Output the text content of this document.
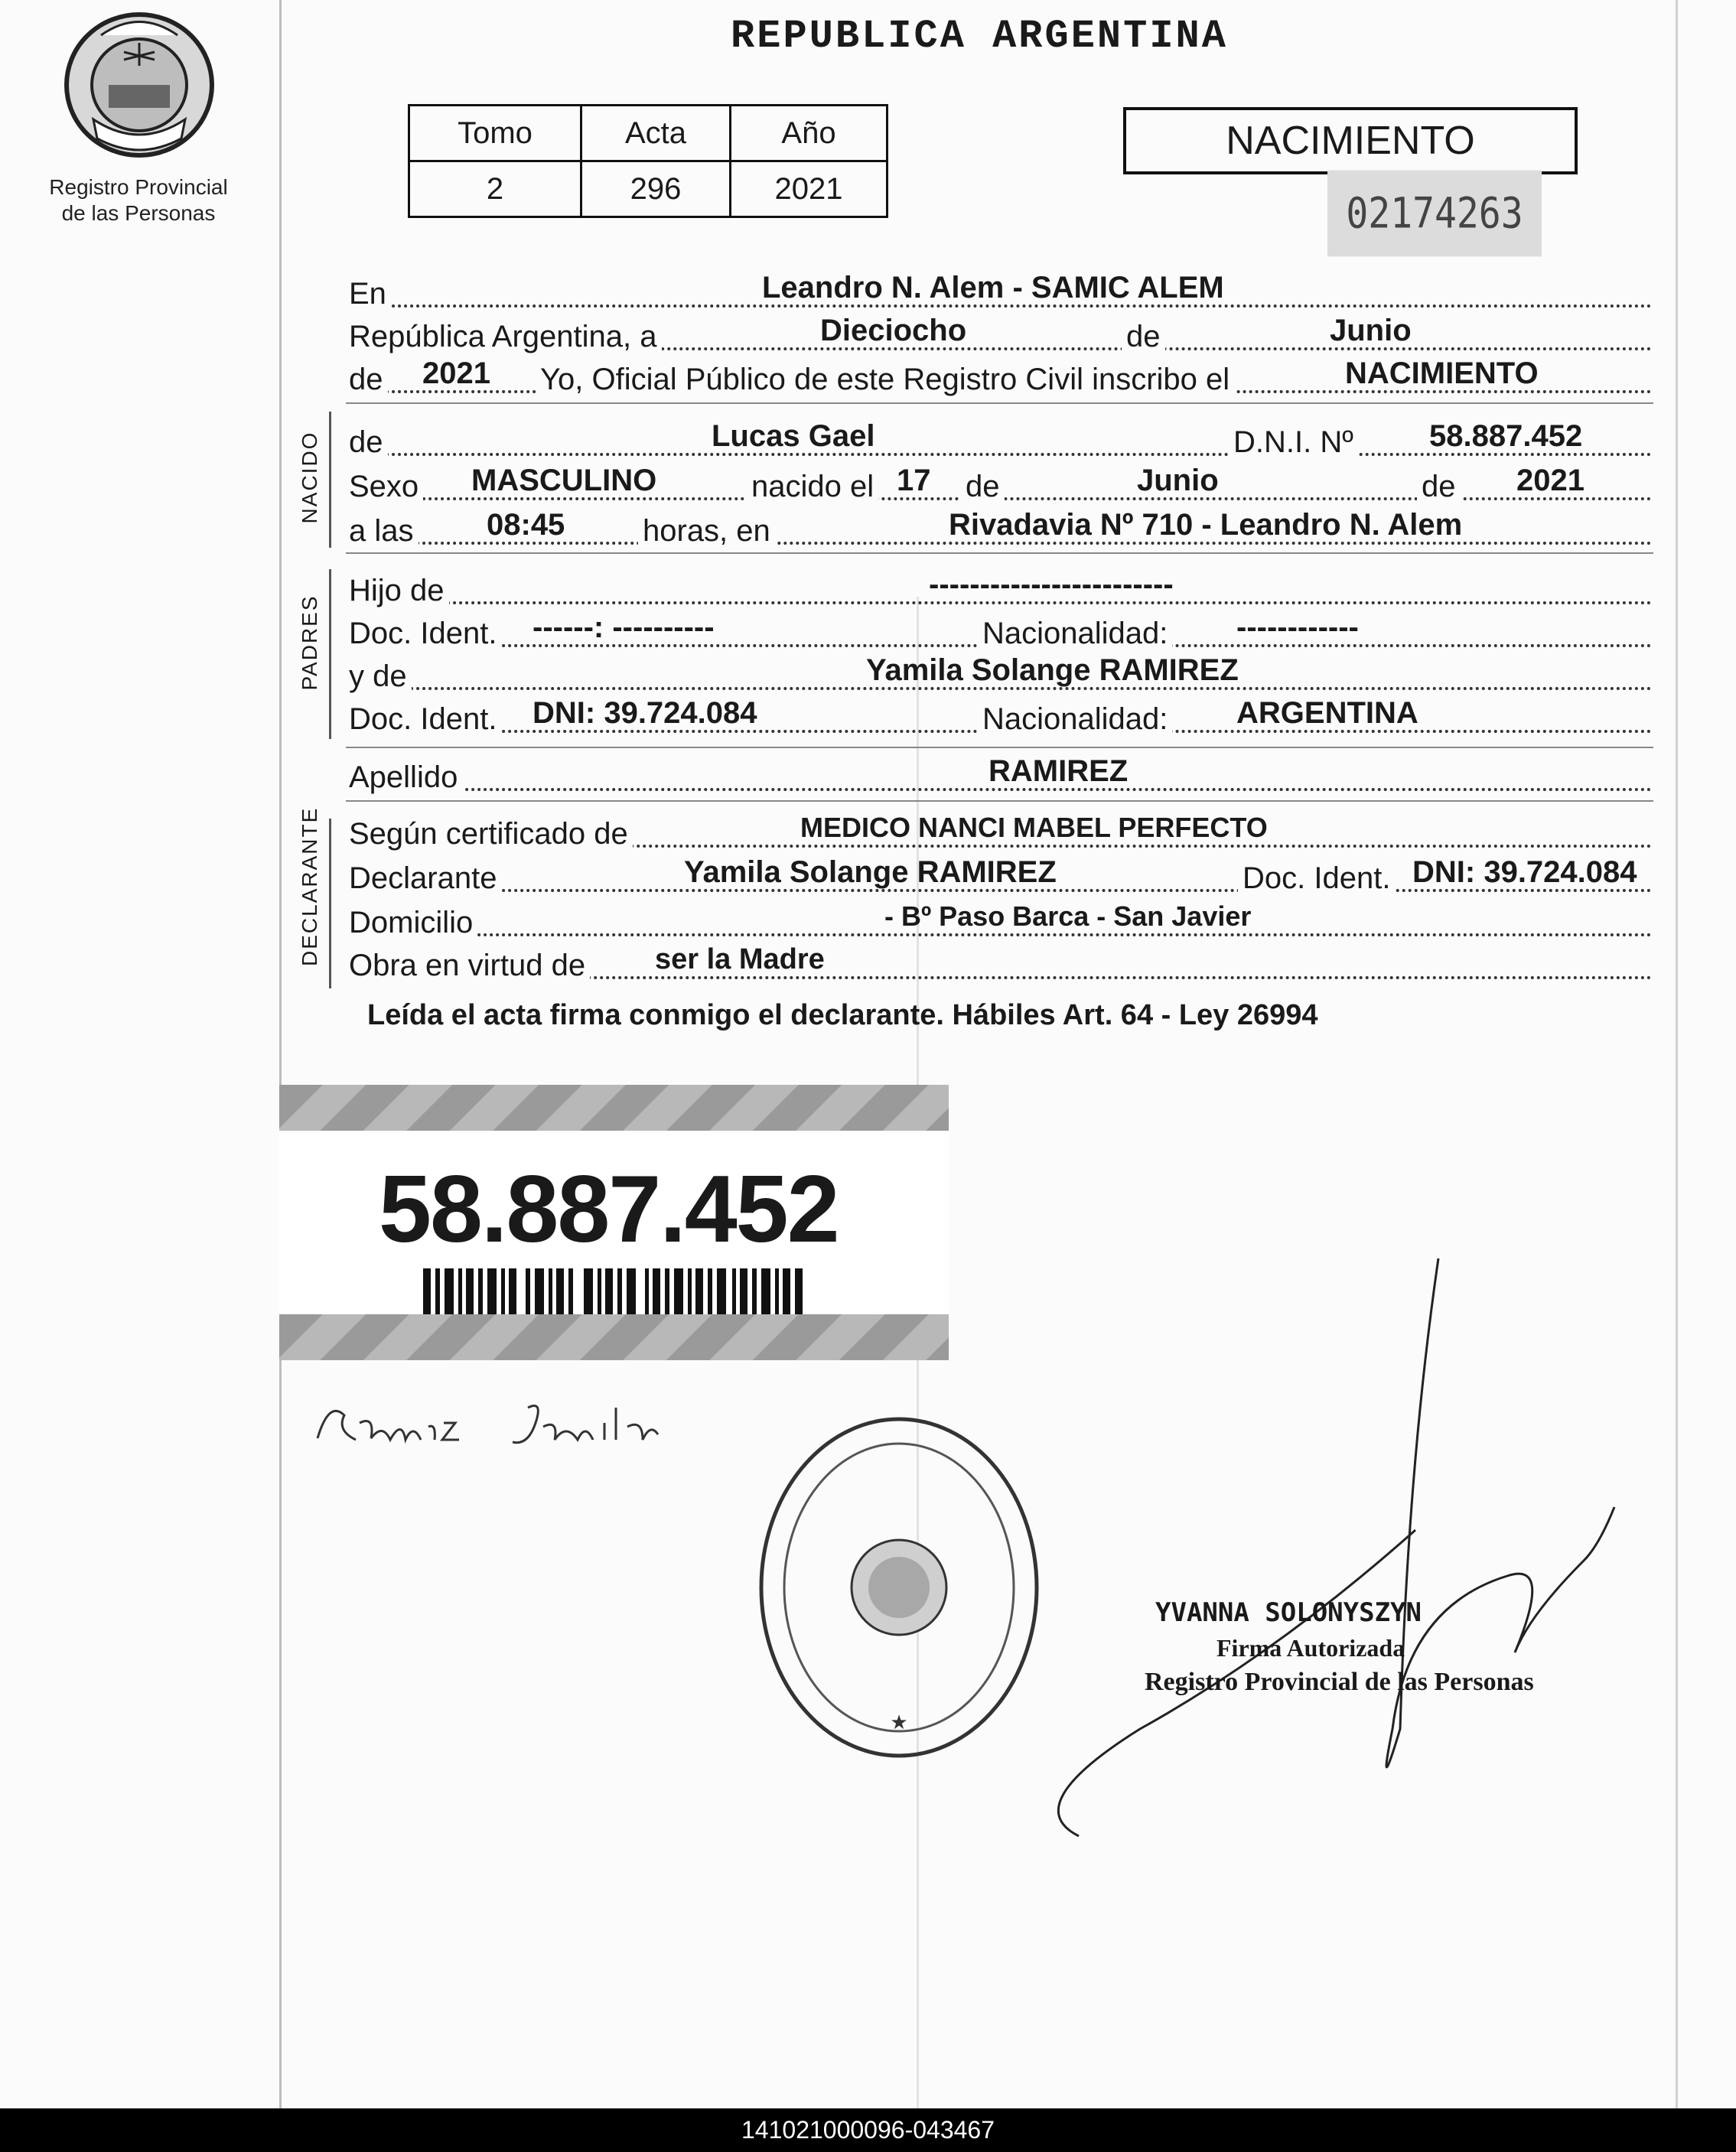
Registro Provincial
de las Personas
REPUBLICA ARGENTINA
Tomo	Acta	Año
2	296	2021
NACIMIENTO
02174263
En	Leandro N. Alem - SAMIC ALEM
República Argentina, a	Dieciocho	de	Junio
de 2021 Yo, Oficial Público de este Registro Civil inscribo el	NACIMIENTO
NACIDO de	Lucas Gael	D.N.I. Nº 58.887.452
Sexo MASCULINO	nacido el 17 de	Junio	de 2021
a las 08:45	horas, en	Rivadavia Nº 710 - Leandro N. Alem
PADRES
Hijo de	------------------------
Doc. Ident. ------: ----------	Nacionalidad: ------------
y de	Yamila Solange RAMIREZ
Doc. Ident. DNI: 39.724.084	Nacionalidad: ARGENTINA
Apellido	RAMIREZ
DECLARANTE Según certificado de	MEDICO NANCI MABEL PERFECTO
Declarante	Yamila Solange RAMIREZ	Doc. Ident. DNI: 39.724.084
Domicilio	- Bº Paso Barca - San Javier
Obra en virtud de ser la Madre
Leída el acta firma conmigo el declarante. Hábiles Art. 64 - Ley 26994
58.887.452
★
YVANNA SOLONYSZYN
Firma Autorizada
Registro Provincial de las Personas
141021000096-043467
